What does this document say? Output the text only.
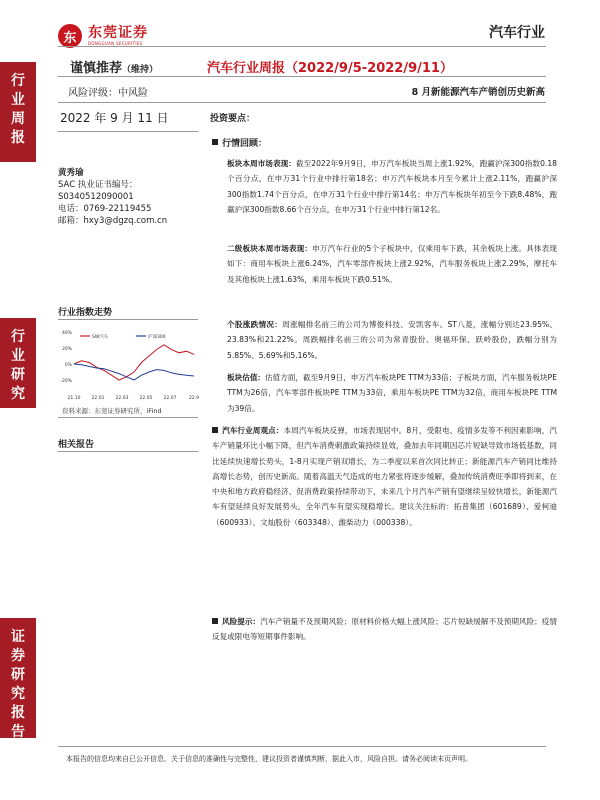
东 东莞证券
DONGGUAN SECURITIES
汽车行业
行业周报
行业研究
证券研究报告
谨慎推荐（维持）
风险评级：中风险
2022 年 9 月 11 日
黄秀瑜
SAC 执业证书编号：
S0340512090001
电话：0769-22119455
邮箱：hxy3@dgzq.com.cn
行业指数走势
40%
20%
0%
-20%
21.10 22.01 22.03 22.05 22.07	22.9
SW汽车	沪深300
资料来源：东莞证券研究所，iFind
相关报告
汽车行业周报（2022/9/5-2022/9/11）
8 月新能源汽车产销创历史新高
投资要点：
行情回顾：
板块本周市场表现：截至2022年9月9日，申万汽车板块当周上涨1.92%，跑赢沪深300指数0.18个百分点，在申万31个行业中排行第18名；申万汽车板块本月至今累计上涨2.11%，跑赢沪深300指数1.74个百分点，在申万31个行业中排行第14名；申万汽车板块年初至今下跌8.48%，跑赢沪深300指数8.66个百分点，在申万31个行业中排行第12名。
二级板块本周市场表现：申万汽车行业的5个子板块中，仅乘用车下跌，其余板块上涨。具体表现如下：商用车板块上涨6.24%，汽车零部件板块上涨2.92%，汽车服务板块上涨2.29%，摩托车及其他板块上涨1.63%，乘用车板块下跌0.51%。
个股涨跌情况：周涨幅排名前三的公司为博俊科技、安凯客车、ST八菱，涨幅分别达23.95%、23.83%和21.22%。周跌幅排名前三的公司为常青股份、奥福环保、跃岭股份，跌幅分别为5.85%、5.69%和5.16%。
板块估值：估值方面，截至9月9日，申万汽车板块PE TTM为33倍；子板块方面，汽车服务板块PE TTM为26倍，汽车零部件板块PE TTM为33倍，乘用车板块PE TTM为32倍，商用车板块PE TTM为39倍。
汽车行业周观点：本周汽车板块反弹，市场表现居中。8月，受限电、疫情多发等不利因素影响，汽车产销量环比小幅下降，但汽车消费刺激政策持续显效，叠加去年同期因芯片短缺导致市场低基数，同比延续快速增长势头，1-8月实现产销双增长，为二季度以来首次同比转正；新能源汽车产销同比维持高增长态势，创历史新高。随着高温天气造成的电力紧张将逐步缓解，叠加传统消费旺季即将到来，在中央和地方政府稳经济、促消费政策持续带动下，未来几个月汽车产销有望继续呈较快增长，新能源汽车有望延续良好发展势头，全年汽车有望实现稳增长。建议关注标的：拓普集团（601689）、爱柯迪（600933）、文灿股份（603348）、潍柴动力（000338）。
风险提示：汽车产销量不及预期风险；原材料价格大幅上涨风险；芯片短缺缓解不及预期风险；疫情反复或限电等短期事件影响。
本报告的信息均来自已公开信息，关于信息的准确性与完整性，建议投资者谨慎判断，据此入市，风险自担。请务必阅读末页声明。
